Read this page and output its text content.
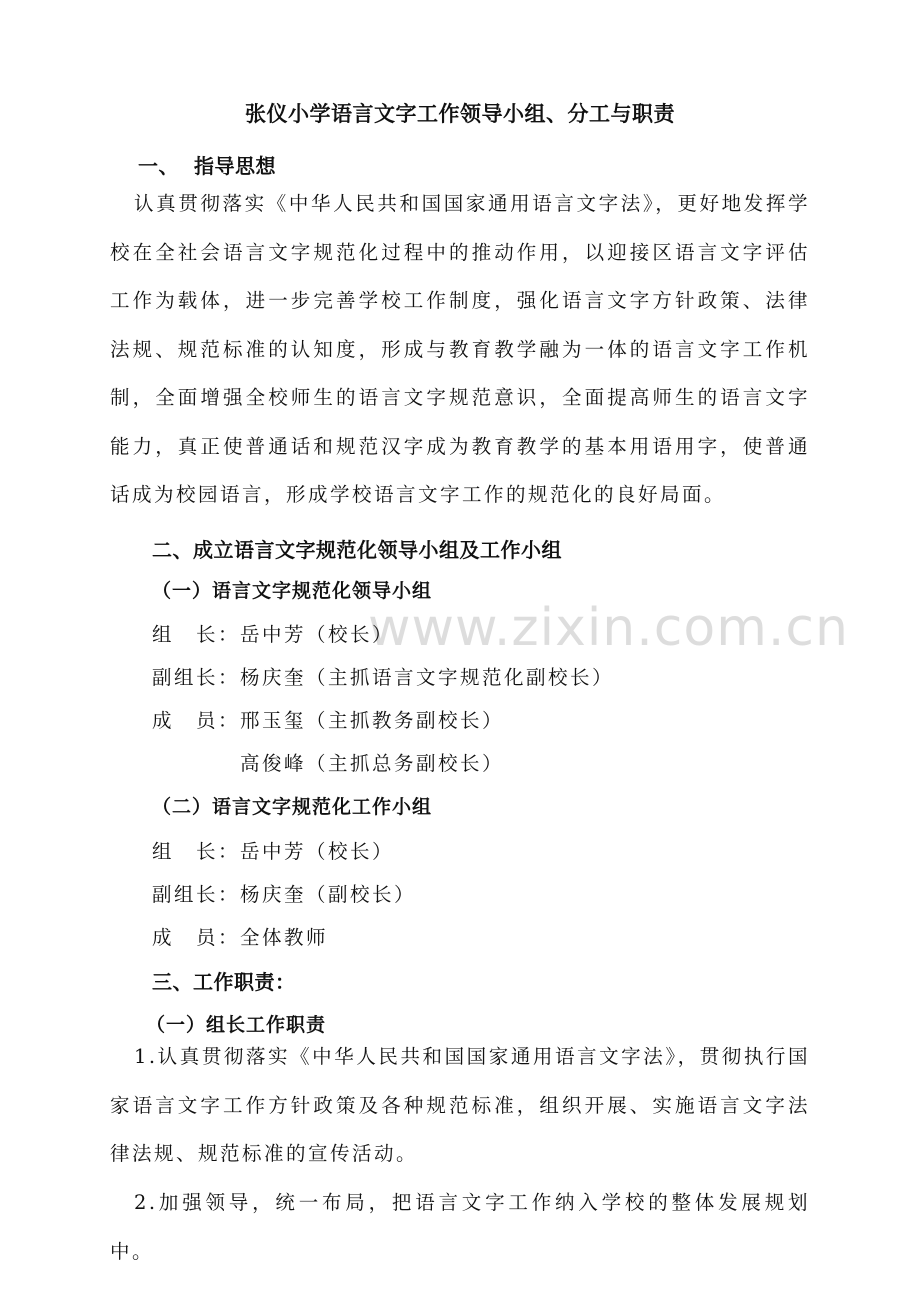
www.zixin.com.cn
张仪小学语言文字工作领导小组、分工与职责
一、 指导思想

认真贯彻落实《中华人民共和国国家通用语言文字法》，更好地发挥学校在全社会语言文字规范化过程中的推动作用，以迎接区语言文字评估工作为载体，进一步完善学校工作制度，强化语言文字方针政策、法律法规、规范标准的认知度，形成与教育教学融为一体的语言文字工作机制，全面增强全校师生的语言文字规范意识，全面提高师生的语言文字能力，真正使普通话和规范汉字成为教育教学的基本用语用字，使普通话成为校园语言，形成学校语言文字工作的规范化的良好局面。

二、成立语言文字规范化领导小组及工作小组
（一）语言文字规范化领导小组
组　长：岳中芳（校长）
副组长：杨庆奎（主抓语言文字规范化副校长）
成　员：邢玉玺（主抓教务副校长）
高俊峰（主抓总务副校长）
（二）语言文字规范化工作小组
组　长：岳中芳（校长）
副组长：杨庆奎（副校长）
成　员：全体教师
三、工作职责：
（一）组长工作职责

1.认真贯彻落实《中华人民共和国国家通用语言文字法》，贯彻执行国家语言文字工作方针政策及各种规范标准，组织开展、实施语言文字法律法规、规范标准的宣传活动。

2.加强领导，统一布局，把语言文字工作纳入学校的整体发展规划中。
